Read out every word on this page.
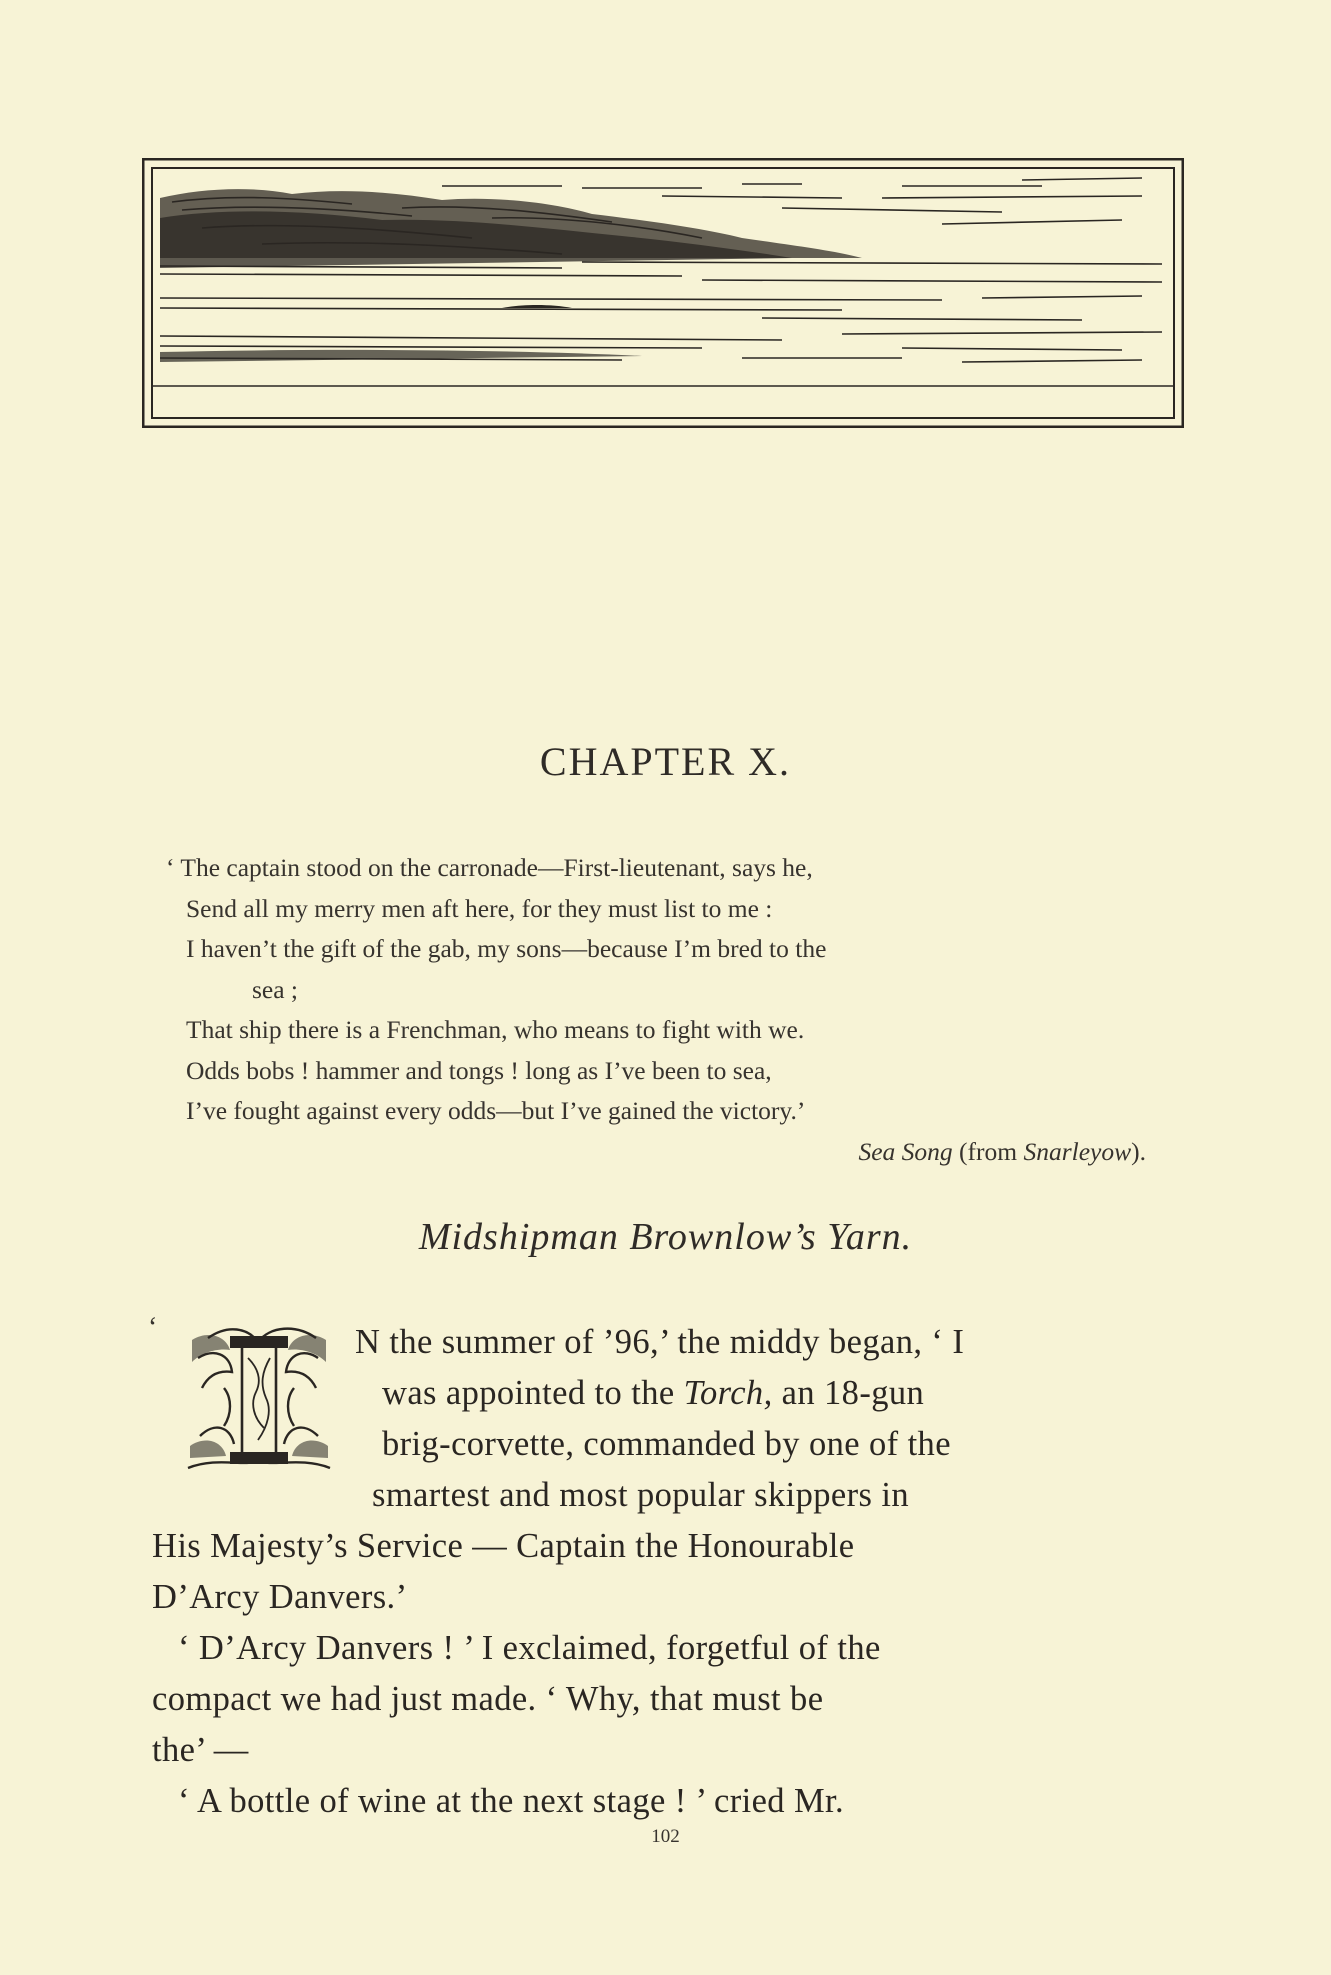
CHAPTER X.
‘ The captain stood on the carronade—First-lieutenant, says he,
Send all my merry men aft here, for they must list to me :
I haven’t the gift of the gab, my sons—because I’m bred to the
sea ;
That ship there is a Frenchman, who means to fight with we.
Odds bobs ! hammer and tongs ! long as I’ve been to sea,
I’ve fought against every odds—but I’ve gained the victory.’
Sea Song (from Snarleyow).
Midshipman Brownlow’s Yarn.
‘	N the summer of ’96,’ the middy began, ‘ I
was appointed to the Torch, an 18-gun
brig-corvette, commanded by one of the
smartest and most popular skippers in
His Majesty’s Service — Captain the Honourable
D’Arcy Danvers.’
‘ D’Arcy Danvers ! ’ I exclaimed, forgetful of the
compact we had just made. ‘ Why, that must be
the’ —
‘ A bottle of wine at the next stage ! ’ cried Mr.
102
